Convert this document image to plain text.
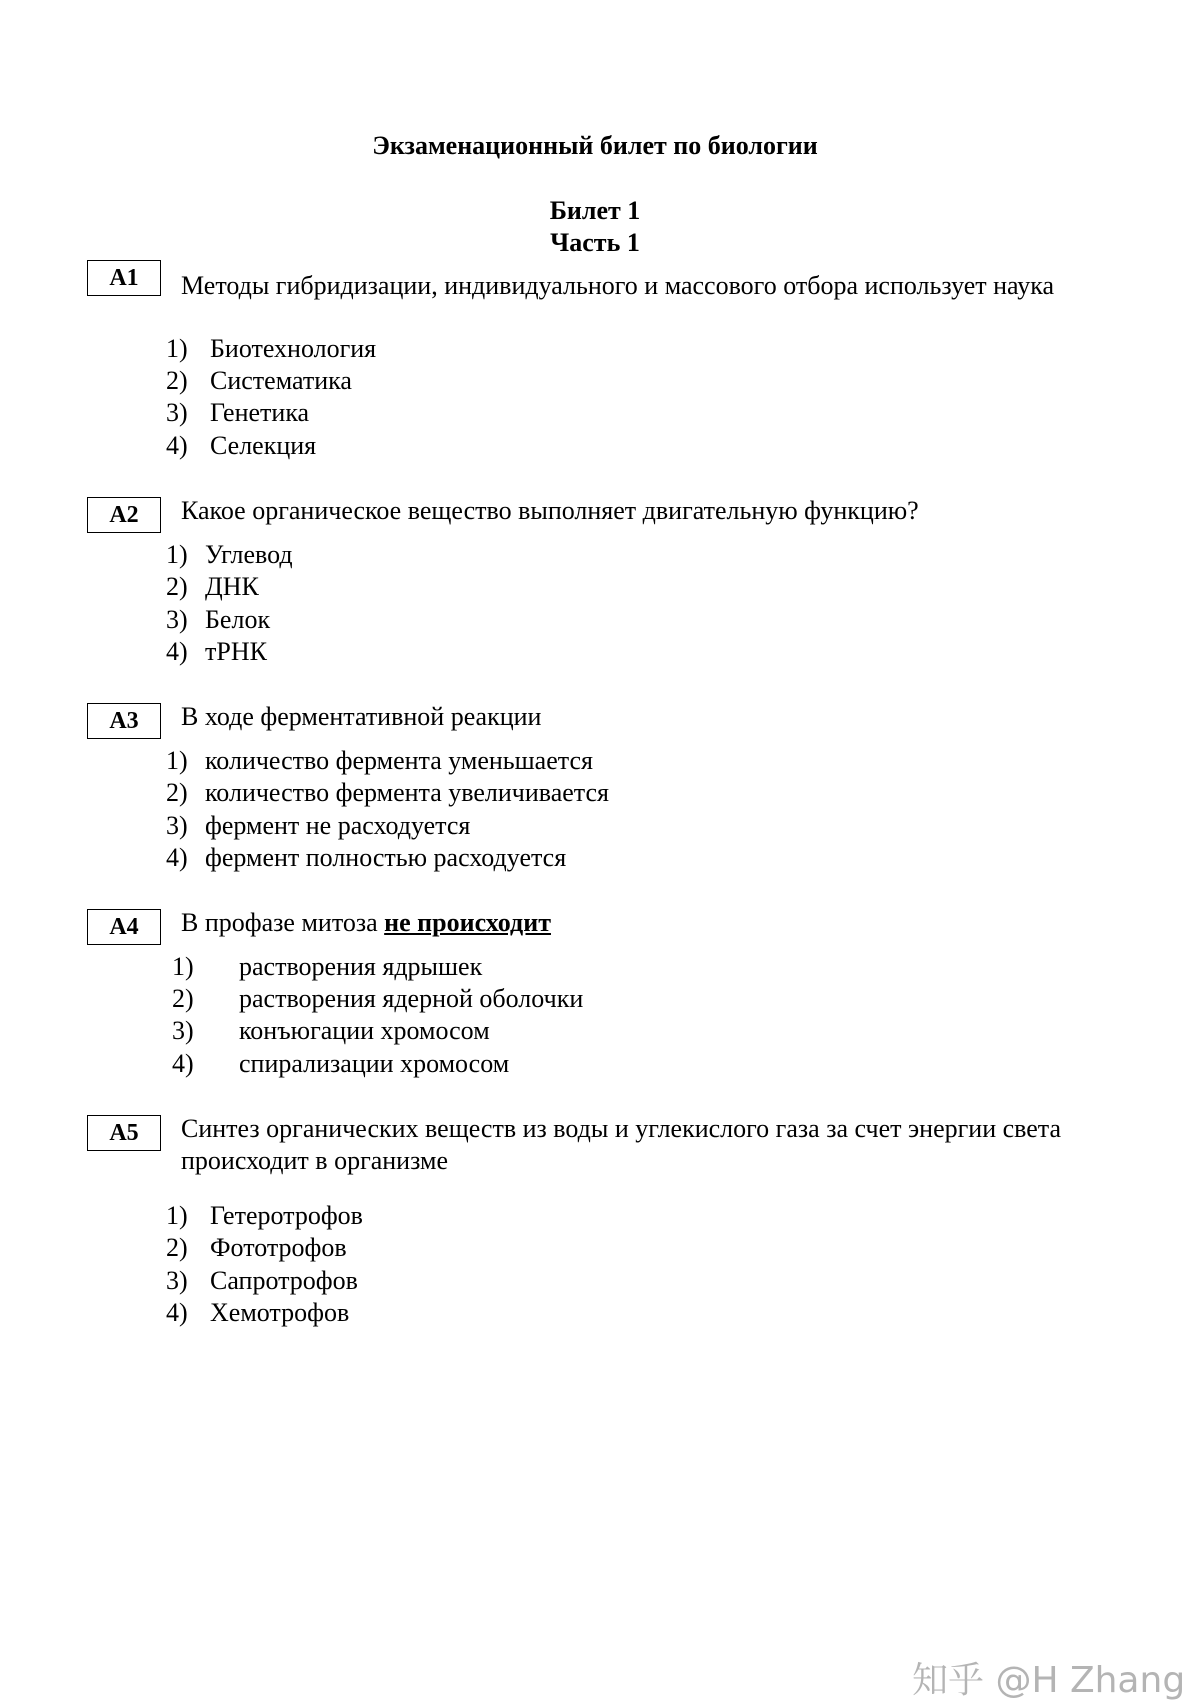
Экзаменационный билет по биологии
Билет 1
Часть 1
A1	Методы гибридизации, индивидуального и массового отбора использует наука
1) Биотехнология
2) Систематика
3) Генетика
4) Селекция
A2	Какое органическое вещество выполняет двигательную функцию?
1) Углевод
2) ДНК
3) Белок
4) тРНК
A3	В ходе ферментативной реакции
1) количество фермента уменьшается
2) количество фермента увеличивается
3) фермент не расходуется
4) фермент полностью расходуется
A4	В профазе митоза не происходит
1) растворения ядрышек
2) растворения ядерной оболочки
3) конъюгации хромосом
4) спирализации хромосом
A5	Синтез органических веществ из воды и углекислого газа за счет энергии света происходит в организме
1) Гетеротрофов
2) Фототрофов
3) Сапротрофов
4) Хемотрофов
知乎 @H Zhang
